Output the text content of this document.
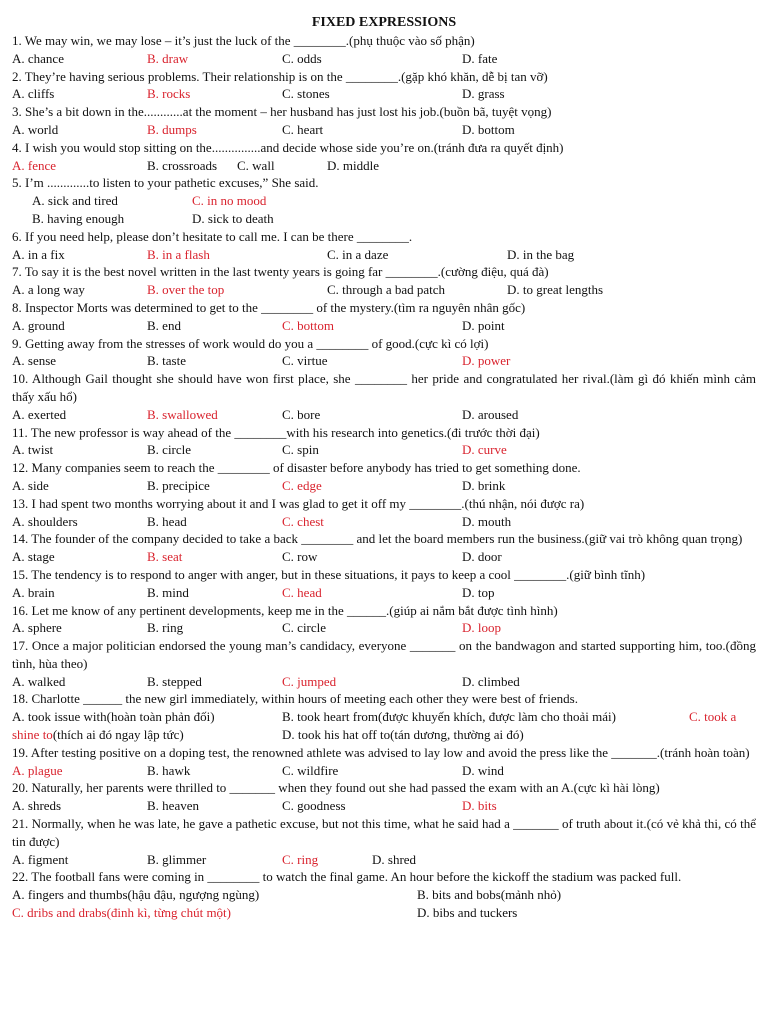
FIXED EXPRESSIONS
1. We may win, we may lose – it’s just the luck of the ________.(phụ thuộc vào số phận)
A. chance	B. draw	C. odds	D. fate
2. They’re having serious problems. Their relationship is on the ________.(gặp khó khăn, dễ bị tan vỡ)
A. cliffs	B. rocks	C. stones	D. grass
3. She’s a bit down in the............at the moment – her husband has just lost his job.(buồn bã, tuyệt vọng)
A. world	B. dumps	C. heart	D. bottom
4. I wish you would stop sitting on the...............and decide whose side you’re on.(tránh đưa ra quyết định)
A. fence	B. crossroads C. wall	D. middle
5. I’m .............to listen to your pathetic excuses,” She said.
A. sick and tired	C. in no mood
B. having enough	D. sick to death
6. If you need help, please don’t hesitate to call me. I can be there ________.
A. in a fix	B. in a flash	C. in a daze	D. in the bag
7. To say it is the best novel written in the last twenty years is going far ________.(cường điệu, quá đà)
A. a long way	B. over the top	C. through a bad patch	D. to great lengths
8. Inspector Morts was determined to get to the ________ of the mystery.(tìm ra nguyên nhân gốc)
A. ground	B. end	C. bottom	D. point
9. Getting away from the stresses of work would do you a ________ of good.(cực kì có lợi)
A. sense	B. taste	C. virtue	D. power
10. Although Gail thought she should have won first place, she ________ her pride and congratulated her rival.(làm gì đó khiến mình cảm thấy xấu hổ)
A. exerted	B. swallowed	C. bore	D. aroused
11. The new professor is way ahead of the ________with his research into genetics.(đi trước thời đại)
A. twist	B. circle	C. spin	D. curve
12. Many companies seem to reach the ________ of disaster before anybody has tried to get something done.
A. side	B. precipice	C. edge	D. brink
13. I had spent two months worrying about it and I was glad to get it off my ________.(thú nhận, nói được ra)
A. shoulders	B. head	C. chest	D. mouth
14. The founder of the company decided to take a back ________ and let the board members run the business.(giữ vai trò không quan trọng)
A. stage	B. seat	C. row	D. door
15. The tendency is to respond to anger with anger, but in these situations, it pays to keep a cool ________.(giữ bình tĩnh)
A. brain	B. mind	C. head	D. top
16. Let me know of any pertinent developments, keep me in the ______.(giúp ai nắm bắt được tình hình)
A. sphere	B. ring	C. circle	D. loop
17. Once a major politician endorsed the young man’s candidacy, everyone _______ on the bandwagon and started supporting him, too.(đồng tình, hùa theo)
A. walked	B. stepped	C. jumped	D. climbed
18. Charlotte ______ the new girl immediately, within hours of meeting each other they were best of friends.
A. took issue with(hoàn toàn phản đối)	B. took heart from(được khuyến khích, được làm cho thoải mái)	C. took a
shine to(thích ai đó ngay lập tức)	D. took his hat off to(tán dương, thường ai đó)
19. After testing positive on a doping test, the renowned athlete was advised to lay low and avoid the press like the _______.(tránh hoàn toàn)
A. plague	B. hawk	C. wildfire	D. wind
20. Naturally, her parents were thrilled to _______ when they found out she had passed the exam with an A.(cực kì hài lòng)
A. shreds	B. heaven	C. goodness	D. bits
21. Normally, when he was late, he gave a pathetic excuse, but not this time, what he said had a _______ of truth about it.(có vẻ khả thi, có thể tin được)
A. figment	B. glimmer	C. ring	D. shred
22. The football fans were coming in ________ to watch the final game. An hour before the kickoff the stadium was packed full.
A. fingers and thumbs(hậu đậu, ngượng ngùng)	B. bits and bobs(mảnh nhỏ)
C. dribs and drabs(đinh kì, từng chút một)	D. bibs and tuckers
